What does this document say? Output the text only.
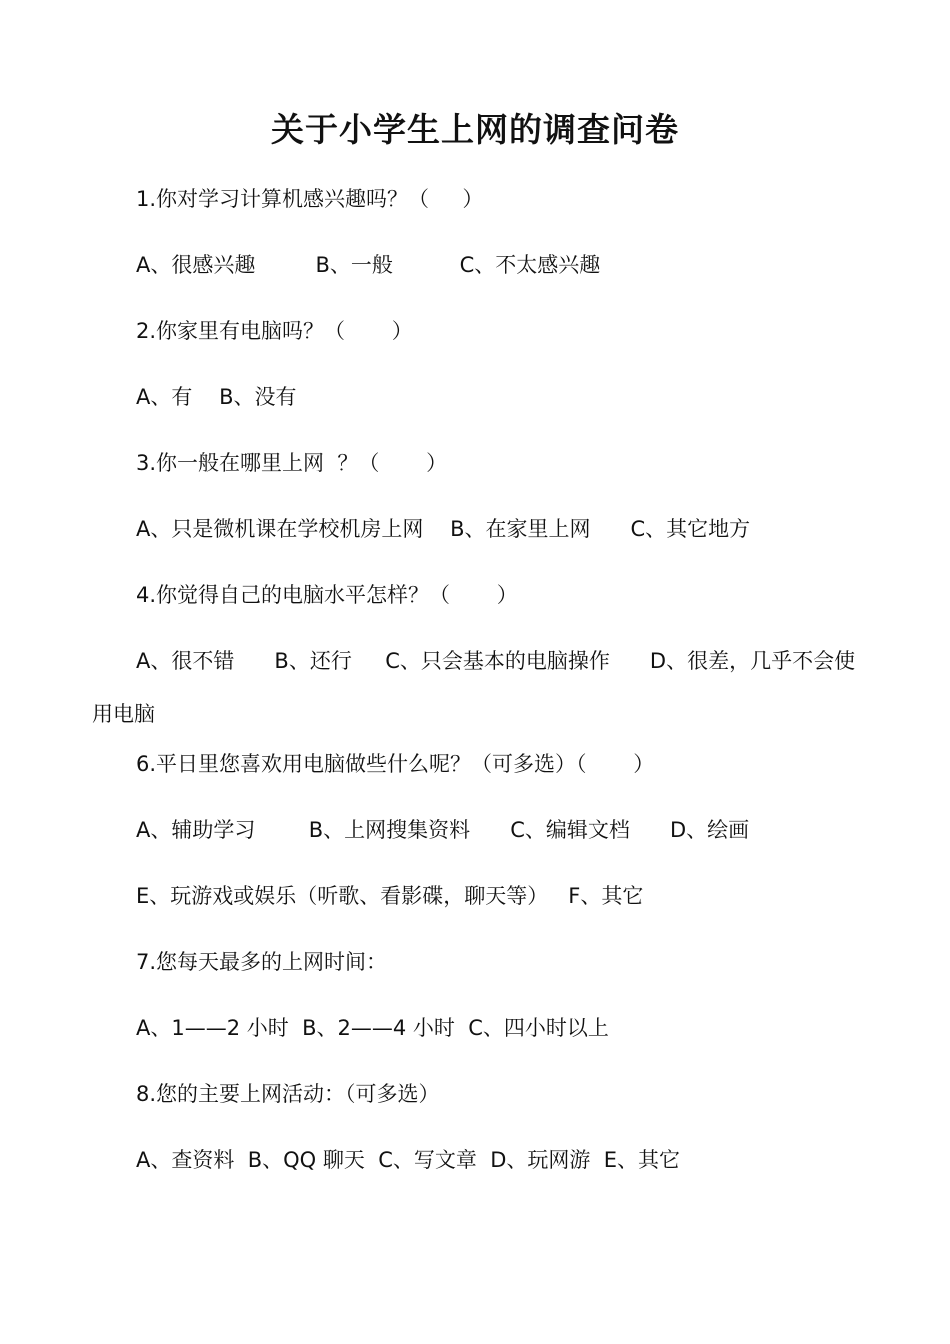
关于小学生上网的调查问卷

1.你对学习计算机感兴趣吗？（     ）

A、很感兴趣         B、一般          C、不太感兴趣

2.你家里有电脑吗？（       ）

A、有    B、没有

3.你一般在哪里上网  ？（       ）

A、只是微机课在学校机房上网    B、在家里上网      C、其它地方

4.你觉得自己的电脑水平怎样？（       ）

A、很不错      B、还行     C、只会基本的电脑操作      D、很差，几乎不会使

用电脑

6.平日里您喜欢用电脑做些什么呢？（可多选）（       ）

A、辅助学习        B、上网搜集资料      C、编辑文档      D、绘画

E、玩游戏或娱乐（听歌、看影碟，聊天等）   F、其它

7.您每天最多的上网时间：

A、1——2 小时  B、2——4 小时  C、四小时以上

8.您的主要上网活动：（可多选）

A、查资料  B、QQ 聊天  C、写文章  D、玩网游  E、其它
